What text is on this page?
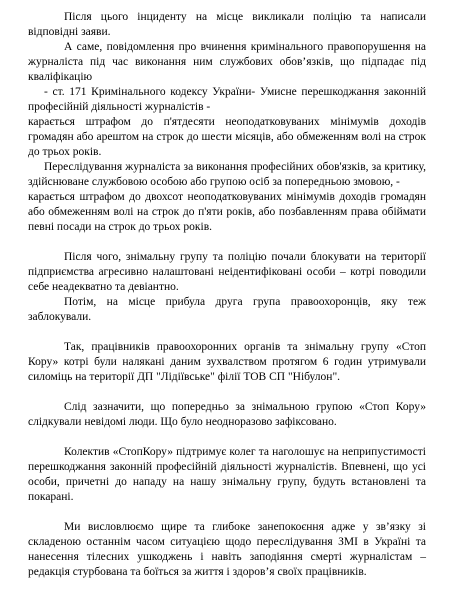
Після цього інциденту на місце викликали поліцію та написали відповідні заяви.

А саме, повідомлення про вчинення кримінального правопорушення на журналіста під час виконання ним службових обов’язків, що підпадає під кваліфікацію

- ст. 171 Кримінального кодексу України- Умисне перешкоджання законній професійній діяльності журналістів -

карається штрафом до п'ятдесяти неоподатковуваних мінімумів доходів громадян або арештом на строк до шести місяців, або обмеженням волі на строк до трьох років.

Переслідування журналіста за виконання професійних обов'язків, за критику, здійснюване службовою особою або групою осіб за попередньою змовою, -

карається штрафом до двохсот неоподатковуваних мінімумів доходів громадян або обмеженням волі на строк до п'яти років, або позбавленням права обіймати певні посади на строк до трьох років.

Після чого, знімальну групу та поліцію почали блокувати на території підприємства агресивно налаштовані неідентифіковані особи – котрі поводили себе неадекватно та девіантно.

Потім, на місце прибула друга група правоохоронців, яку теж заблокували.

Так, працівників правоохоронних органів та знімальну групу «Стоп Кору» котрі були налякані даним зухвалством протягом 6 годин утримували силоміць на території ДП "Лідіївське" філії ТОВ СП "Нібулон".

Слід зазначити, що попередньо за знімальною групою «Стоп Кору» слідкували невідомі люди. Що було неодноразово зафіксовано.

Колектив «СтопКору» підтримує колег та наголошує на неприпустимості перешкоджання законній професійній діяльності журналістів. Впевнені, що усі особи, причетні до нападу на нашу знімальну групу, будуть встановлені та покарані.

Ми висловлюємо щире та глибоке занепокоєння адже у зв’язку зі складеною останнім часом ситуацією щодо переслідування ЗМІ в Україні та нанесення тілесних ушкоджень і навіть заподіяння смерті журналістам – редакція стурбована та боїться за життя і здоров’я своїх працівників.
